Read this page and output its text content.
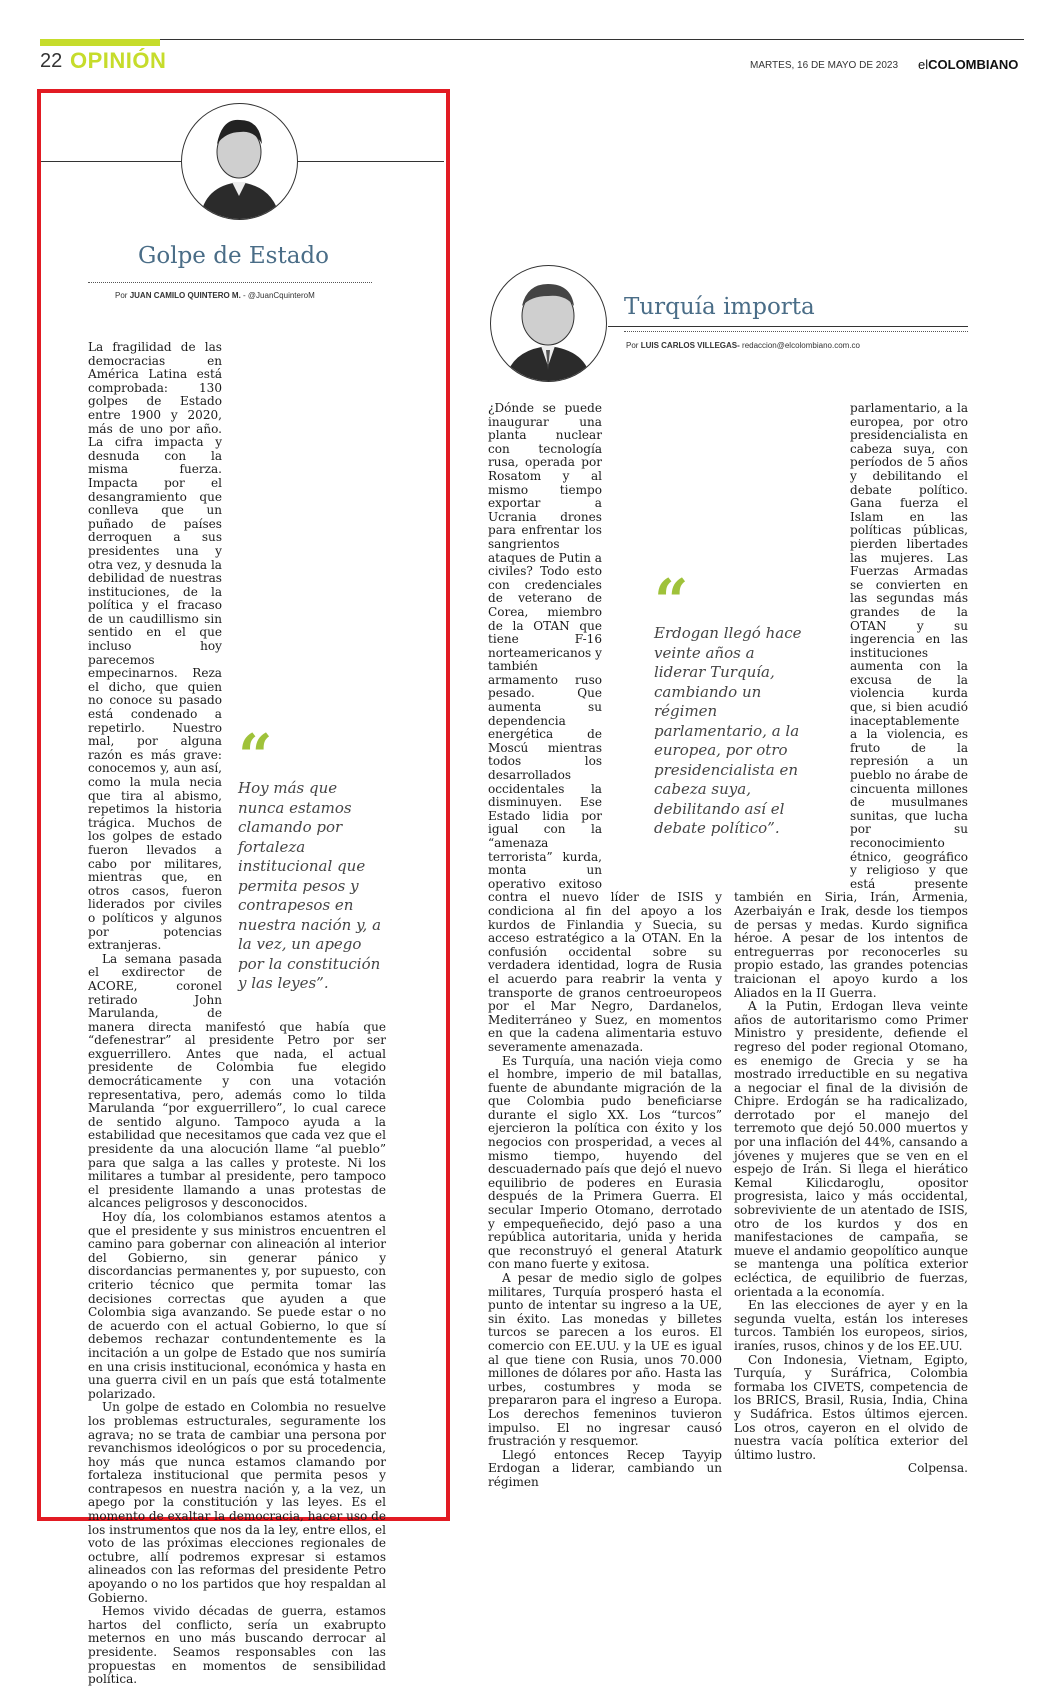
22 OPINIÓN	MARTES, 16 DE MAYO DE 2023 elCOLOMBIANO
Golpe de Estado
Por JUAN CAMILO QUINTERO M. - @JuanCquinteroM

La fragilidad de las democracias en América Latina está comprobada: 130 golpes de Estado entre 1900 y 2020, más de uno por año. La cifra impacta y desnuda con la misma fuerza. Impacta por el desangramiento que conlleva que un puñado de países derroquen a sus presidentes una y otra vez, y desnuda la debilidad de nuestras instituciones, de la política y el fracaso de un caudillismo sin sentido en el que incluso hoy parecemos empecinarnos. Reza el dicho, que quien no conoce su pasado está condenado a repetirlo. Nuestro mal, por alguna razón es más grave: conocemos y, aun así, como la mula necia que tira al abismo, repetimos la historia trágica. Muchos de los golpes de estado fueron llevados a cabo por militares, mientras que, en otros casos, fueron liderados por civiles o políticos y algunos por potencias extranjeras.

La semana pasada el exdirector de ACORE, coronel retirado John Marulanda, de manera directa manifestó que había que “defenestrar” al presidente Petro por ser exguerrillero. Antes que nada, el actual presidente de Colombia fue elegido democráticamente y con una votación representativa, pero, además como lo tilda Marulanda “por exguerrillero”, lo cual carece de sentido alguno. Tampoco ayuda a la estabilidad que necesitamos que cada vez que el presidente da una alocución llame “al pueblo” para que salga a las calles y proteste. Ni los militares a tumbar al presidente, pero tampoco el presidente llamando a unas protestas de alcances peligrosos y desconocidos.

Hoy día, los colombianos estamos atentos a que el presidente y sus ministros encuentren el camino para gobernar con alineación al interior del Gobierno, sin generar pánico y discordancias permanentes y, por supuesto, con criterio técnico que permita tomar las decisiones correctas que ayuden a que Colombia siga avanzando. Se puede estar o no de acuerdo con el actual Gobierno, lo que sí debemos rechazar contundentemente es la incitación a un golpe de Estado que nos sumiría en una crisis institucional, económica y hasta en una guerra civil en un país que está totalmente polarizado.

Un golpe de estado en Colombia no resuelve los problemas estructurales, seguramente los agrava; no se trata de cambiar una persona por revanchismos ideológicos o por su procedencia, hoy más que nunca estamos clamando por fortaleza institucional que permita pesos y contrapesos en nuestra nación y, a la vez, un apego por la constitución y las leyes. Es el momento de exaltar la democracia, hacer uso de los instrumentos que nos da la ley, entre ellos, el voto de las próximas elecciones regionales de octubre, allí podremos expresar si estamos alineados con las reformas del presidente Petro apoyando o no los partidos que hoy respaldan al Gobierno.

Hemos vivido décadas de guerra, estamos hartos del conflicto, sería un exabrupto meternos en uno más buscando derrocar al presidente. Seamos responsables con las propuestas en momentos de sensibilidad política.

“
Hoy más que nunca estamos clamando por fortaleza institucional que permita pesos y contrapesos en nuestra nación y, a la vez, un apego por la constitución y las leyes”.
Turquía importa
Por LUIS CARLOS VILLEGAS- redaccion@elcolombiano.com.co

¿Dónde se puede inaugurar una planta nuclear con tecnología rusa, operada por Rosatom y al mismo tiempo exportar a Ucrania drones para enfrentar los sangrientos ataques de Putin a civiles? Todo esto con credenciales de veterano de Corea, miembro de la OTAN que tiene F-16 norteamericanos y también armamento ruso pesado. Que aumenta su dependencia energética de Moscú mientras todos los desarrollados occidentales la disminuyen. Ese Estado lidia por igual con la “amenaza terrorista” kurda, monta un operativo exitoso contra el nuevo líder de ISIS y condiciona al fin del apoyo a los kurdos de Finlandia y Suecia, su acceso estratégico a la OTAN. En la confusión occidental sobre su verdadera identidad, logra de Rusia el acuerdo para reabrir la venta y transporte de granos centroeuropeos por el Mar Negro, Dardanelos, Mediterráneo y Suez, en momentos en que la cadena alimentaria estuvo severamente amenazada.

Es Turquía, una nación vieja como el hombre, imperio de mil batallas, fuente de abundante migración de la que Colombia pudo beneficiarse durante el siglo XX. Los “turcos” ejercieron la política con éxito y los negocios con prosperidad, a veces al mismo tiempo, huyendo del descuadernado país que dejó el nuevo equilibrio de poderes en Eurasia después de la Primera Guerra. El secular Imperio Otomano, derrotado y empequeñecido, dejó paso a una república autoritaria, unida y herida que reconstruyó el general Ataturk con mano fuerte y exitosa.

A pesar de medio siglo de golpes militares, Turquía prosperó hasta el punto de intentar su ingreso a la UE, sin éxito. Las monedas y billetes turcos se parecen a los euros. El comercio con EE.UU. y la UE es igual al que tiene con Rusia, unos 70.000 millones de dólares por año. Hasta las urbes, costumbres y moda se prepararon para el ingreso a Europa. Los derechos femeninos tuvieron impulso. El no ingresar causó frustración y resquemor.

Llegó entonces Recep Tayyip Erdogan a liderar, cambiando un régimen

parlamentario, a la europea, por otro presidencialista en cabeza suya, con períodos de 5 años y debilitando el debate político. Gana fuerza el Islam en las políticas públicas, pierden libertades las mujeres. Las Fuerzas Armadas se convierten en las segundas más grandes de la OTAN y su ingerencia en las instituciones aumenta con la excusa de la violencia kurda que, si bien acudió inaceptablemente a la violencia, es fruto de la represión a un pueblo no árabe de cincuenta millones de musulmanes sunitas, que lucha por su reconocimiento étnico, geográfico y religioso y que está presente también en Siria, Irán, Armenia, Azerbaiyán e Irak, desde los tiempos de persas y medas. Kurdo significa héroe. A pesar de los intentos de entreguerras por reconocerles su propio estado, las grandes potencias traicionan el apoyo kurdo a los Aliados en la II Guerra.

A la Putin, Erdogan lleva veinte años de autoritarismo como Primer Ministro y presidente, defiende el regreso del poder regional Otomano, es enemigo de Grecia y se ha mostrado irreductible en su negativa a negociar el final de la división de Chipre. Erdogán se ha radicalizado, derrotado por el manejo del terremoto que dejó 50.000 muertos y por una inflación del 44%, cansando a jóvenes y mujeres que se ven en el espejo de Irán. Si llega el hierático Kemal Kilicdaroglu, opositor progresista, laico y más occidental, sobreviviente de un atentado de ISIS, otro de los kurdos y dos en manifestaciones de campaña, se mueve el andamio geopolítico aunque se mantenga una política exterior ecléctica, de equilibrio de fuerzas, orientada a la economía.

En las elecciones de ayer y en la segunda vuelta, están los intereses turcos. También los europeos, sirios, iraníes, rusos, chinos y de los EE.UU.

Con Indonesia, Vietnam, Egipto, Turquía, y Suráfrica, Colombia formaba los CIVETS, competencia de los BRICS, Brasil, Rusia, India, China y Sudáfrica. Estos últimos ejercen. Los otros, cayeron en el olvido de nuestra vacía política exterior del último lustro.

Colpensa.

“
Erdogan llegó hace veinte años a liderar Turquía, cambiando un régimen parlamentario, a la europea, por otro presidencialista en cabeza suya, debilitando así el debate político”.
